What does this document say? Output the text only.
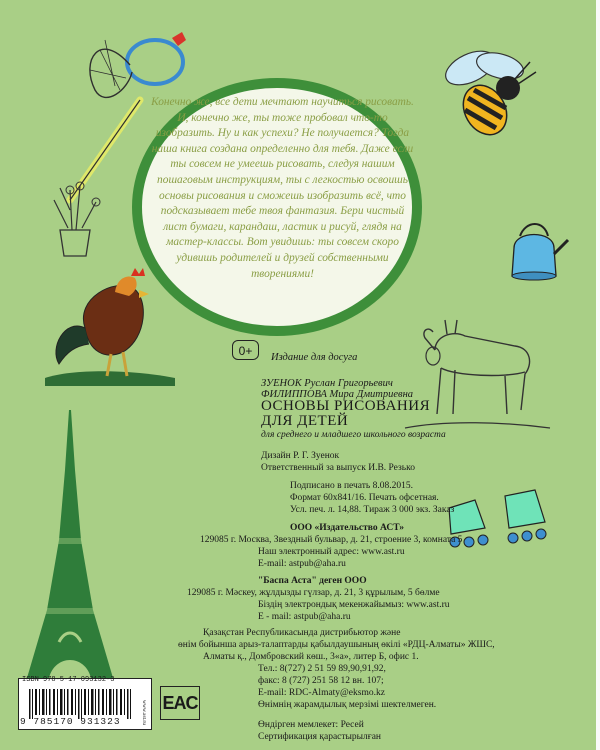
Конечно же, все дети мечтают научиться рисовать. И, конечно же, ты тоже пробовал что-то изобразить. Ну и как успехи? Не получается? Тогда наша книга создана определенно для тебя. Даже если ты совсем не умеешь рисовать, следуя нашим пошаговым инструкциям, ты с легкостью освоишь основы рисования и сможешь изобразить всё, что подсказывает тебе твоя фантазия. Бери чистый лист бумаги, карандаш, ластик и рисуй, глядя на мастер-классы. Вот увидишь: ты совсем скоро удивишь родителей и друзей собственными творениями!

0+	Издание для досуга

ЗУЕНОК Руслан Григорьевич

ФИЛИППОВА Мира Дмитриевна

ОСНОВЫ РИСОВАНИЯ

ДЛЯ ДЕТЕЙ

для среднего и младшего школьного возраста

Дизайн Р. Г. Зуенок

Ответственный за выпуск И.В. Резько

Подписано в печать 8.08.2015.

Формат 60x841/16. Печать офсетная.

Усл. печ. л. 14,88. Тираж 3 000 экз. Заказ

ООО «Издательство АСТ»

129085 г. Москва, Звездный бульвар, д. 21, строение 3, комната 5

Наш электронный адрес: www.ast.ru

E-mail: astpub@aha.ru

"Баспа Аста" деген ООО

129085 г. Мәскеу, жұлдызды гүлзар, д. 21, 3 құрылым, 5 бөлме

Біздің электрондық мекенжайымыз: www.ast.ru

E - mail: astpub@aha.ru

Қазақстан Республикасында дистрибьютор және

өнім бойынша арыз-талаптарды қабылдаушының өкілі «РДЦ-Алматы» ЖШС,

Алматы қ., Домбровский көш., 3«а», литер Б, офис 1.

Тел.: 8(727) 2 51 59 89,90,91,92,

факс: 8 (727) 251 58 12 вн. 107;

E-mail: RDC-Almaty@eksmo.kz

Өнімнің жарамдылық мерзімі шектелмеген.

Өндірген мемлекет: Ресей

Сертификация қарастырылған

ISBN 978-5-17-093132-3

9 785170 931323	www.ast.ru EAC
